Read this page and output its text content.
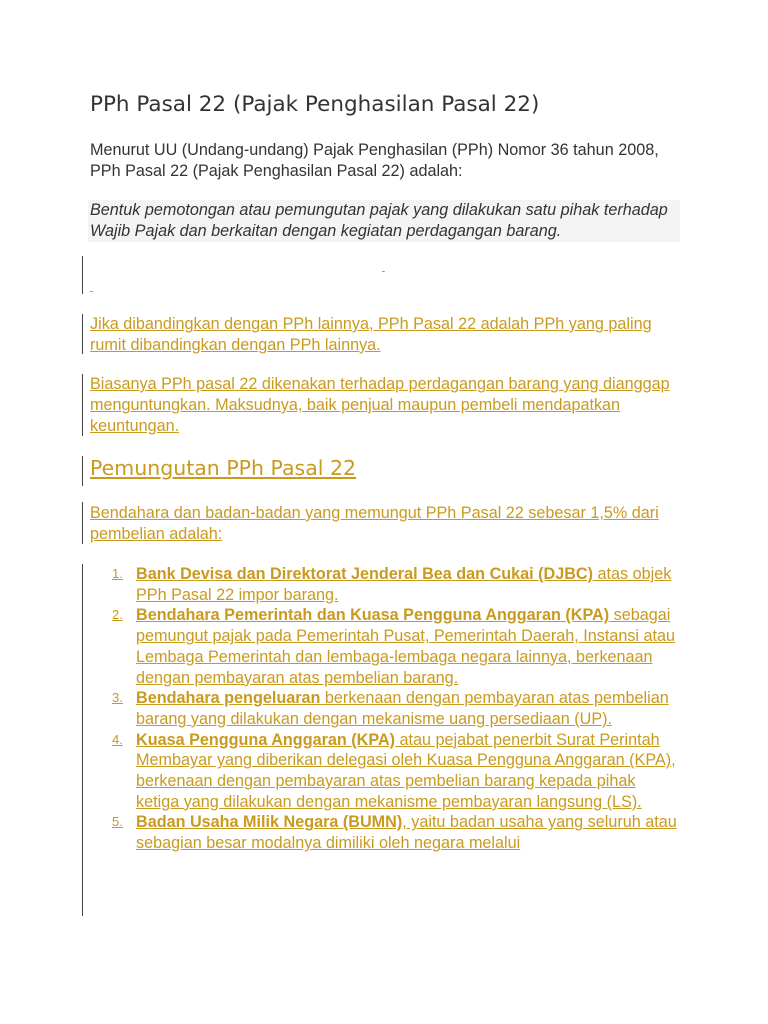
PPh Pasal 22 (Pajak Penghasilan Pasal 22)
Menurut UU (Undang-undang) Pajak Penghasilan (PPh) Nomor 36 tahun 2008, PPh Pasal 22 (Pajak Penghasilan Pasal 22) adalah:
Bentuk pemotongan atau pemungutan pajak yang dilakukan satu pihak terhadap Wajib Pajak dan berkaitan dengan kegiatan perdagangan barang.

Jika dibandingkan dengan PPh lainnya, PPh Pasal 22 adalah PPh yang paling rumit dibandingkan dengan PPh lainnya.
Biasanya PPh pasal 22 dikenakan terhadap perdagangan barang yang dianggap menguntungkan. Maksudnya, baik penjual maupun pembeli mendapatkan keuntungan.
Pemungutan PPh Pasal 22
Bendahara dan badan-badan yang memungut PPh Pasal 22 sebesar 1,5% dari pembelian adalah:
1. Bank Devisa dan Direktorat Jenderal Bea dan Cukai (DJBC) atas objek PPh Pasal 22 impor barang.
2. Bendahara Pemerintah dan Kuasa Pengguna Anggaran (KPA) sebagai pemungut pajak pada Pemerintah Pusat, Pemerintah Daerah, Instansi atau Lembaga Pemerintah dan lembaga-lembaga negara lainnya, berkenaan dengan pembayaran atas pembelian barang.
3. Bendahara pengeluaran berkenaan dengan pembayaran atas pembelian barang yang dilakukan dengan mekanisme uang persediaan (UP).
4. Kuasa Pengguna Anggaran (KPA) atau pejabat penerbit Surat Perintah Membayar yang diberikan delegasi oleh Kuasa Pengguna Anggaran (KPA), berkenaan dengan pembayaran atas pembelian barang kepada pihak ketiga yang dilakukan dengan mekanisme pembayaran langsung (LS).
5. Badan Usaha Milik Negara (BUMN), yaitu badan usaha yang seluruh atau sebagian besar modalnya dimiliki oleh negara melalui
